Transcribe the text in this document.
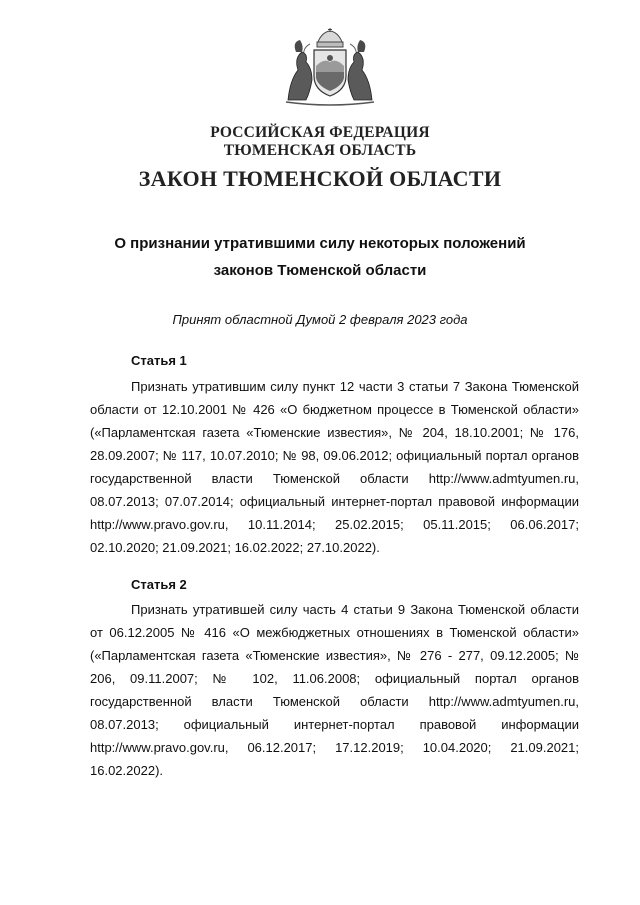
РОССИЙСКАЯ ФЕДЕРАЦИЯ
ТЮМЕНСКАЯ ОБЛАСТЬ
ЗАКОН ТЮМЕНСКОЙ ОБЛАСТИ
О признании утратившими силу некоторых положений
законов Тюменской области
Принят областной Думой 2 февраля 2023 года
Статья 1

Признать утратившим силу пункт 12 части 3 статьи 7 Закона Тюменской области от 12.10.2001 № 426 «О бюджетном процессе в Тюменской области» («Парламентская газета «Тюменские известия», № 204, 18.10.2001; № 176, 28.09.2007; № 117, 10.07.2010; № 98, 09.06.2012; официальный портал органов государственной власти Тюменской области http://www.admtyumen.ru, 08.07.2013; 07.07.2014; официальный интернет-портал правовой информации http://www.pravo.gov.ru, 10.11.2014; 25.02.2015; 05.11.2015; 06.06.2017; 02.10.2020; 21.09.2021; 16.02.2022; 27.10.2022).

Статья 2

Признать утратившей силу часть 4 статьи 9 Закона Тюменской области от 06.12.2005 № 416 «О межбюджетных отношениях в Тюменской области» («Парламентская газета «Тюменские известия», № 276 - 277, 09.12.2005; № 206, 09.11.2007; № 102, 11.06.2008; официальный портал органов государственной власти Тюменской области http://www.admtyumen.ru, 08.07.2013; официальный интернет-портал правовой информации http://www.pravo.gov.ru, 06.12.2017; 17.12.2019; 10.04.2020; 21.09.2021; 16.02.2022).
